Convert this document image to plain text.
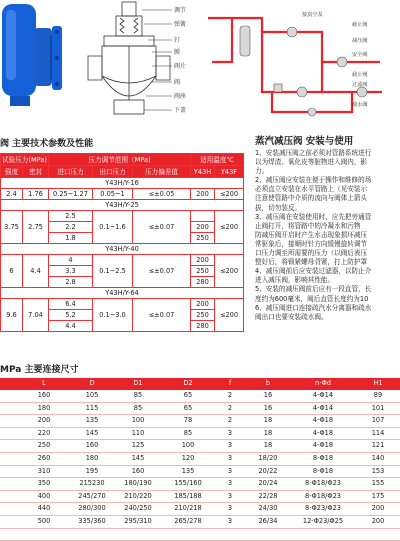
调节
弹簧
钉
膜
阀片
阀
阀座
下盖
接真空泵
截止阀
减压阀
安全阀
截止阀
过滤阀
疏水阀
阀 主要技术参数及性能
试验压力(MPa)		压力调节范围（MPa)			适用温度℃	
强度	密封	进口压力	出口压力	压力偏差值	Y43H	Y43F
Y43H/Y-16						
2.4	1.76	0.25~1.27	0.05~1	≤±0.05	200	≤200
Y43H/Y-25						
3.75	2.75	2.5	0.1~1.6	≤±0.07		≤200
		2.2			200	
		1.8			250	
Y43H/Y-40						
6	4.4	4	0.1~2.5	≤±0.07	200	≤200
		3.3			250	
		2.8			280	
Y43H/Y-64						
9.6	7.04	6.4	0.1~3.0	≤±0.07	200	≤200
		5.2			250	
		4.4			280	
蒸汽减压阀 安装与使用
1、安装减压阀之前必须对管路系统进行
以为焊渣、氧化皮等脏物进入阀内，影
力。
2、减压阀应安装在便于操作和维修的场
必须直立安装在水平管路上（见安装示
注意使管路中介质的流向与阀体上箭头
拔，切勿装反。
3、减压阀在安装使用时，应先把旁通管
止阀打开，将管路中的冷凝水和污物
防减压阀开启时产生水击现象损坏减压
常驱象后，接顺时针方向缓慢旋转调节
口压力调至所需要的压力（以阀后表压
整好后，将锁紧螺母背紧，打上防护罩
4、减压阀前后应安装过滤器，以防止介
进入减压阀，影响其性能。
5、安装的减压阀前后应有一段直管，长
度约为600毫米，阀后直管长度约为10
6、减压阀进口连接疏汽水分离器和疏水
阀出口也要安装疏水阀。
MPa 主要连接尺寸
	L	D	D1	D2	f	b	n-Φd	H1
	160	105	85	65	2	16	4-Φ14	89
	180	115	85	65	2	16	4-Φ14	101
	200	135	100	78	2	18	4-Φ18	107
	220	145	110	85	3	18	4-Φ18	114
	250	160	125	100	3	18	4-Φ18	121
	260	180	145	120	3	18/20	8-Φ18	140
	310	195	160	135	3	20/22	8-Φ18	153
	350	215230	180/190	155/160	3	20/24	8-Φ18/Φ23	155
	400	245/270	210/220	185/188	3	22/28	8-Φ18/Φ23	175
	440	280/300	240/250	210/218	3	24/30	8-Φ23/Φ23	200
	500	335/360	295/310	265/278	3	26/34	12-Φ23/Φ25	200
